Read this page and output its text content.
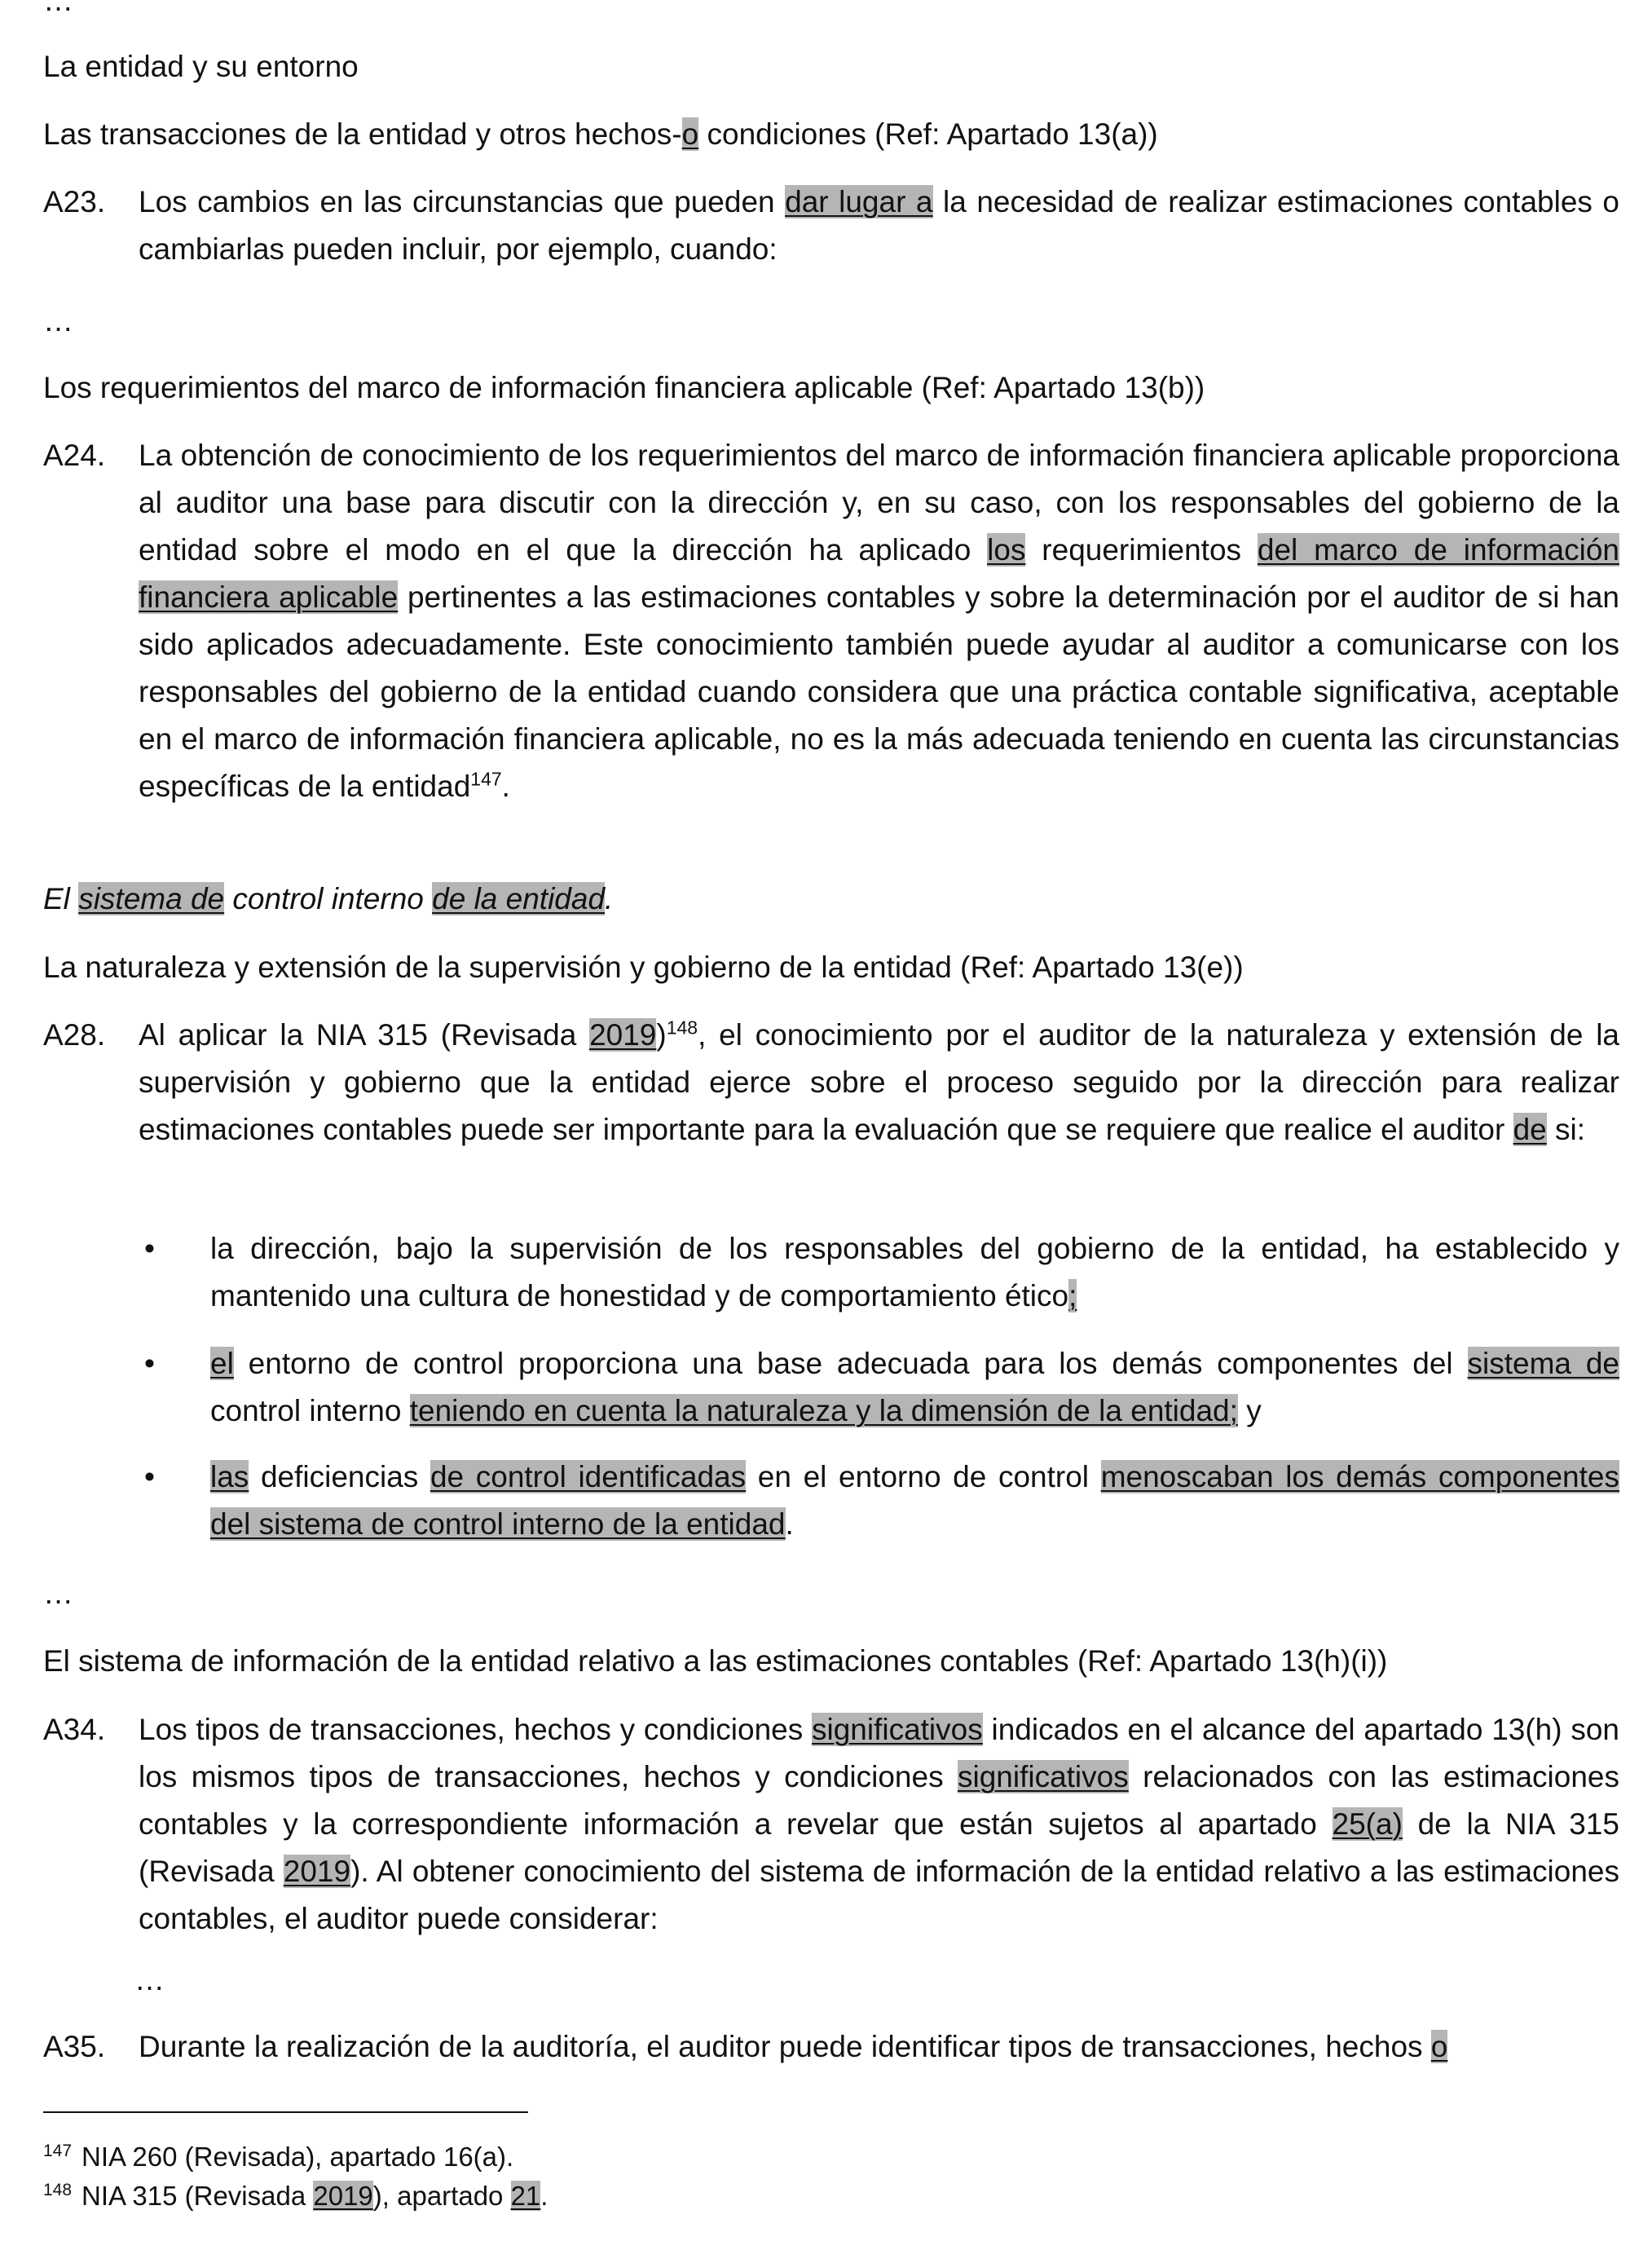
…
La entidad y su entorno
Las transacciones de la entidad y otros hechos-o condiciones (Ref: Apartado 13(a))
A23. Los cambios en las circunstancias que pueden dar lugar a la necesidad de realizar estimaciones contables o cambiarlas pueden incluir, por ejemplo, cuando:
…
Los requerimientos del marco de información financiera aplicable (Ref: Apartado 13(b))
A24. La obtención de conocimiento de los requerimientos del marco de información financiera aplicable proporciona al auditor una base para discutir con la dirección y, en su caso, con los responsables del gobierno de la entidad sobre el modo en el que la dirección ha aplicado los requerimientos del marco de información financiera aplicable pertinentes a las estimaciones contables y sobre la determinación por el auditor de si han sido aplicados adecuadamente. Este conocimiento también puede ayudar al auditor a comunicarse con los responsables del gobierno de la entidad cuando considera que una práctica contable significativa, aceptable en el marco de información financiera aplicable, no es la más adecuada teniendo en cuenta las circunstancias específicas de la entidad$^{147}$.
El sistema de control interno de la entidad.
La naturaleza y extensión de la supervisión y gobierno de la entidad (Ref: Apartado 13(e))
A28. Al aplicar la NIA 315 (Revisada 2019)$^{148}$, el conocimiento por el auditor de la naturaleza y extensión de la supervisión y gobierno que la entidad ejerce sobre el proceso seguido por la dirección para realizar estimaciones contables puede ser importante para la evaluación que se requiere que realice el auditor de si:
• la dirección, bajo la supervisión de los responsables del gobierno de la entidad, ha establecido y mantenido una cultura de honestidad y de comportamiento ético;
• el entorno de control proporciona una base adecuada para los demás componentes del sistema de control interno teniendo en cuenta la naturaleza y la dimensión de la entidad; y
• las deficiencias de control identificadas en el entorno de control menoscaban los demás componentes del sistema de control interno de la entidad.
…
El sistema de información de la entidad relativo a las estimaciones contables (Ref: Apartado 13(h)(i))
A34. Los tipos de transacciones, hechos y condiciones significativos indicados en el alcance del apartado 13(h) son los mismos tipos de transacciones, hechos y condiciones significativos relacionados con las estimaciones contables y la correspondiente información a revelar que están sujetos al apartado 25(a) de la NIA 315 (Revisada 2019). Al obtener conocimiento del sistema de información de la entidad relativo a las estimaciones contables, el auditor puede considerar:
…
A35. Durante la realización de la auditoría, el auditor puede identificar tipos de transacciones, hechos o
$^{147}$ NIA 260 (Revisada), apartado 16(a).
$^{148}$ NIA 315 (Revisada 2019), apartado 21.
